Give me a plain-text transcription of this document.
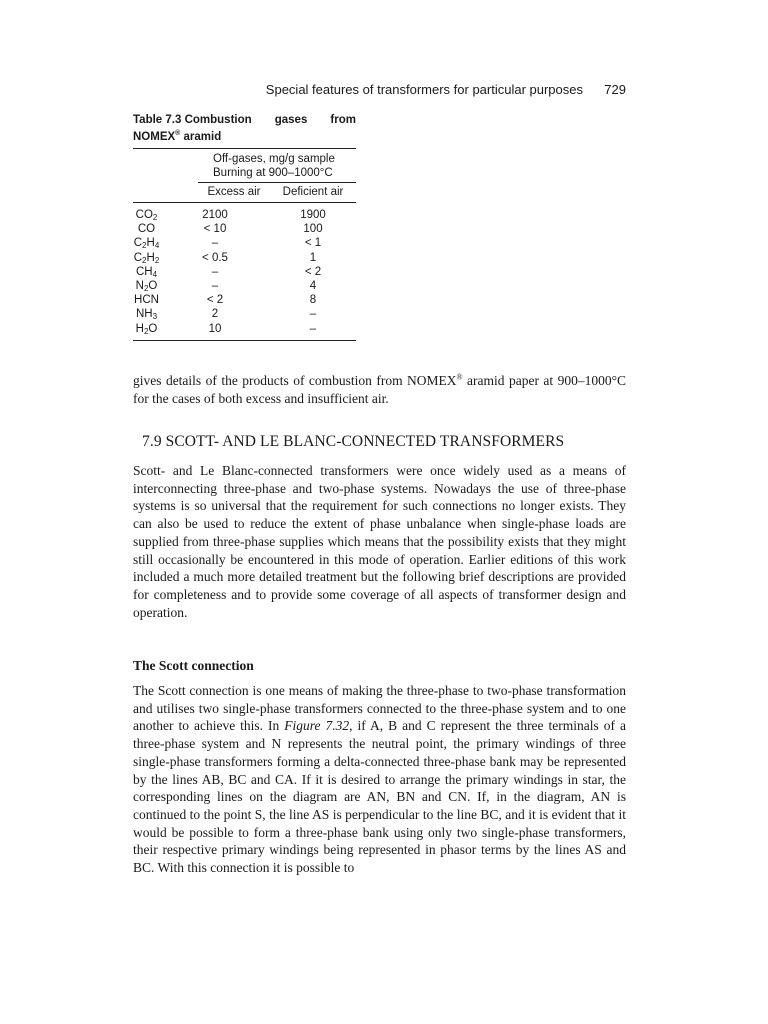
Special features of transformers for particular purposes 729
Table 7.3 Combustion gases from
NOMEX® aramid
Off-gases, mg/g sample
Burning at 900–1000°C
Excess air	Deficient air
$CO_2$	2100	1900
CO	< 10	100
$C_2H_4$	–	< 1
$C_2H_2$	< 0.5	1
$CH_4$	–	< 2
$N_2O$	–	4
HCN	< 2	8
$NH_3$	2	–
$H_2O$	10	–

gives details of the products of combustion from NOMEX® aramid paper at 900–1000°C for the cases of both excess and insufficient air.

7.9 SCOTT- AND LE BLANC-CONNECTED TRANSFORMERS

Scott- and Le Blanc-connected transformers were once widely used as a means of interconnecting three-phase and two-phase systems. Nowadays the use of three-phase systems is so universal that the requirement for such connections no longer exists. They can also be used to reduce the extent of phase unbalance when single-phase loads are supplied from three-phase supplies which means that the possibility exists that they might still occasionally be encountered in this mode of operation. Earlier editions of this work included a much more detailed treatment but the following brief descriptions are provided for completeness and to provide some coverage of all aspects of transformer design and operation.

The Scott connection

The Scott connection is one means of making the three-phase to two-phase transformation and utilises two single-phase transformers connected to the three-phase system and to one another to achieve this. In Figure 7.32, if A, B and C represent the three terminals of a three-phase system and N represents the neutral point, the primary windings of three single-phase transformers forming a delta-connected three-phase bank may be represented by the lines AB, BC and CA. If it is desired to arrange the primary windings in star, the corresponding lines on the diagram are AN, BN and CN. If, in the diagram, AN is continued to the point S, the line AS is perpendicular to the line BC, and it is evident that it would be possible to form a three-phase bank using only two single-phase transformers, their respective primary windings being represented in phasor terms by the lines AS and BC. With this connection it is possible to
